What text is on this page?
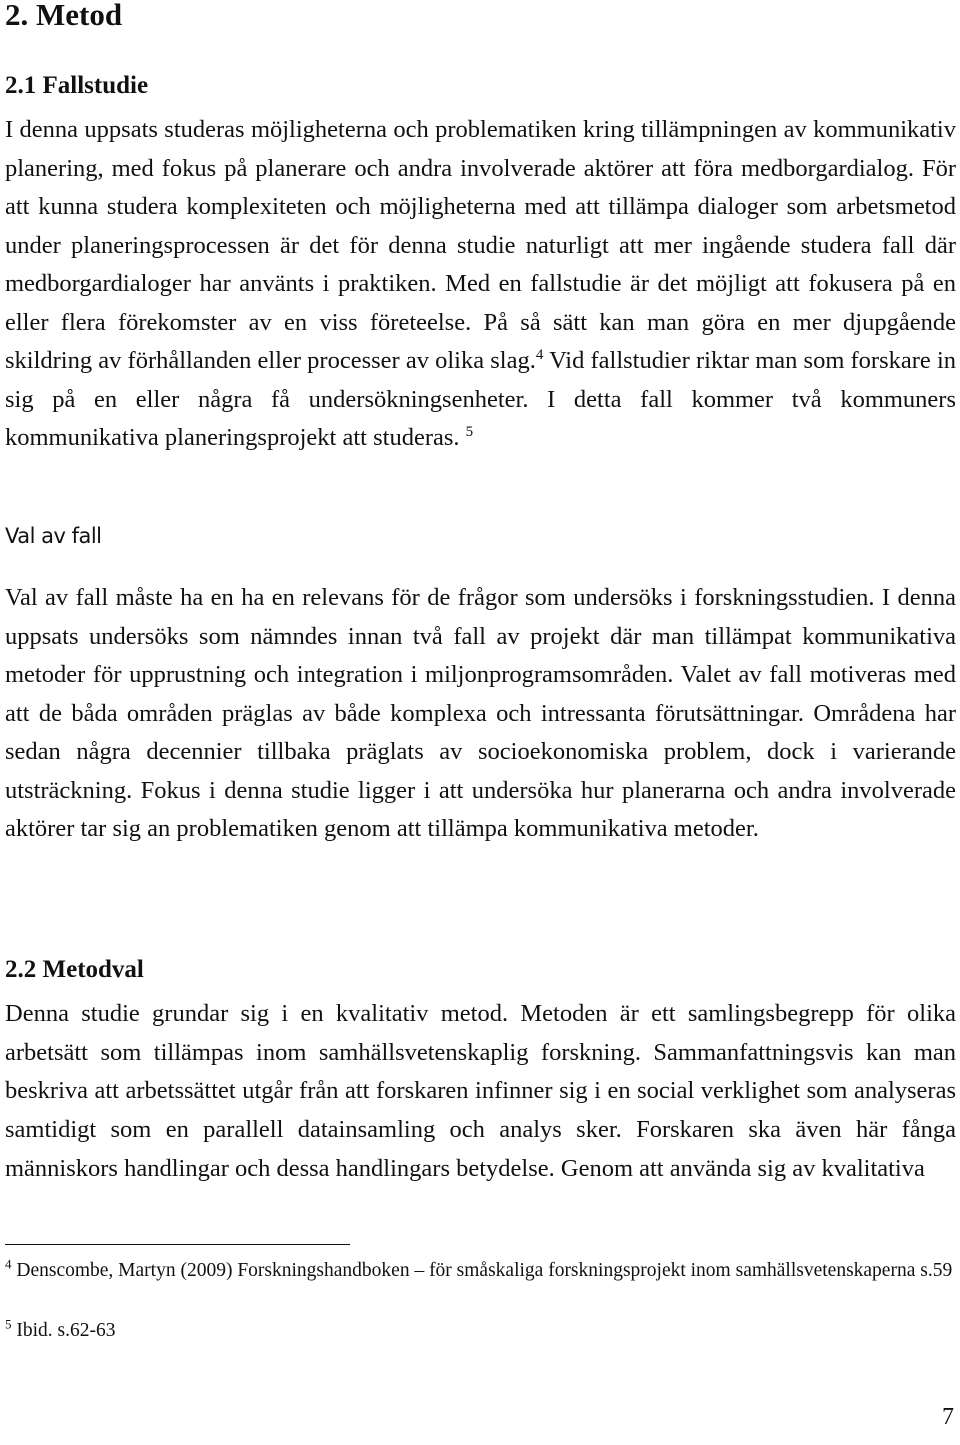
2. Metod
2.1 Fallstudie

I denna uppsats studeras möjligheterna och problematiken kring tillämpningen av kommunikativ planering, med fokus på planerare och andra involverade aktörer att föra medborgardialog. För att kunna studera komplexiteten och möjligheterna med att tillämpa dialoger som arbetsmetod under planeringsprocessen är det för denna studie naturligt att mer ingående studera fall där medborgardialoger har använts i praktiken. Med en fallstudie är det möjligt att fokusera på en eller flera förekomster av en viss företeelse. På så sätt kan man göra en mer djupgående skildring av förhållanden eller processer av olika slag.$^4$ Vid fallstudier riktar man som forskare in sig på en eller några få undersökningsenheter. I detta fall kommer två kommuners kommunikativa planeringsprojekt att studeras. $^5$

Val av fall

Val av fall måste ha en ha en relevans för de frågor som undersöks i forskningsstudien. I denna uppsats undersöks som nämndes innan två fall av projekt där man tillämpat kommunikativa metoder för upprustning och integration i miljonprogramsområden. Valet av fall motiveras med att de båda områden präglas av både komplexa och intressanta förutsättningar. Områdena har sedan några decennier tillbaka präglats av socioekonomiska problem, dock i varierande utsträckning. Fokus i denna studie ligger i att undersöka hur planerarna och andra involverade aktörer tar sig an problematiken genom att tillämpa kommunikativa metoder.

2.2 Metodval

Denna studie grundar sig i en kvalitativ metod. Metoden är ett samlingsbegrepp för olika arbetsätt som tillämpas inom samhällsvetenskaplig forskning. Sammanfattningsvis kan man beskriva att arbetssättet utgår från att forskaren infinner sig i en social verklighet som analyseras samtidigt som en parallell datainsamling och analys sker. Forskaren ska även här fånga människors handlingar och dessa handlingars betydelse. Genom att använda sig av kvalitativa

$^4$ Denscombe, Martyn (2009) Forskningshandboken – för småskaliga forskningsprojekt inom samhällsvetenskaperna s.59

$^5$ Ibid. s.62-63

7
